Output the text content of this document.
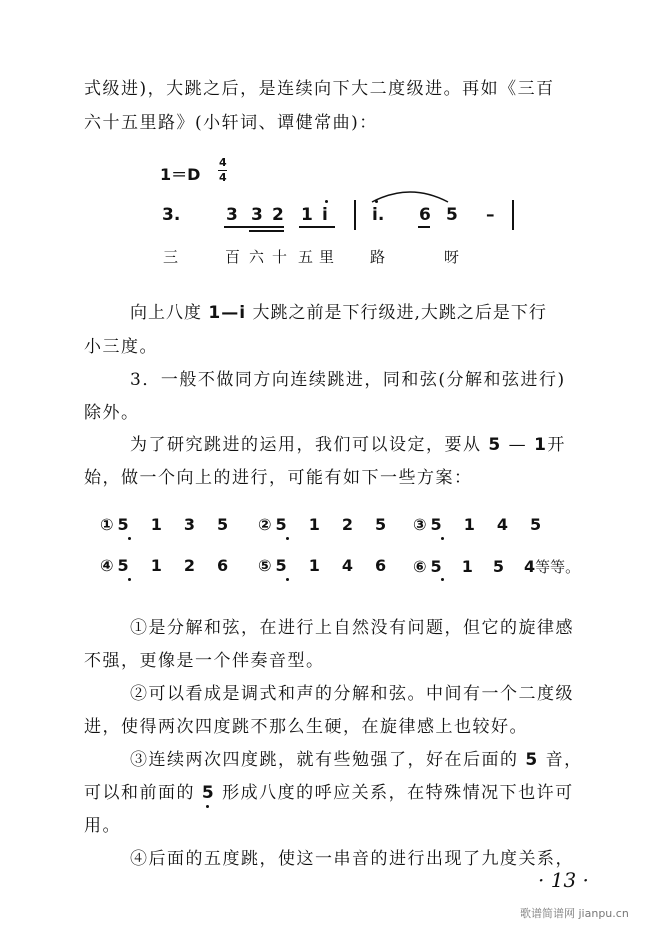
式级进)，大跳之后，是连续向下大二度级进。再如《三百
六十五里路》(小轩词、谭健常曲)：
1＝D
4
4
3.	3 3 2 1 i	i. 6 5 –
三	百 六 十 五 里 路	呀
向上八度 1—i 大跳之前是下行级进,大跳之后是下行
小三度。
3．一般不做同方向连续跳进，同和弦(分解和弦进行)
除外。
为了研究跳进的运用，我们可以设定，要从 5 — 1开
始，做一个向上的进行，可能有如下一些方案：
① 5 1 3 5 ② 5 1 2 5 ③ 5 1 4 5
④ 5 1 2 6 ⑤ 5 1 4 6 ⑥ 5 1 5 4等等。
①是分解和弦，在进行上自然没有问题，但它的旋律感
不强，更像是一个伴奏音型。
②可以看成是调式和声的分解和弦。中间有一个二度级
进，使得两次四度跳不那么生硬，在旋律感上也较好。
③连续两次四度跳，就有些勉强了，好在后面的 5 音，
可以和前面的 5 形成八度的呼应关系，在特殊情况下也许可
用。
④后面的五度跳，使这一串音的进行出现了九度关系，
· 13 ·
歌谱简谱网 jianpu.cn
